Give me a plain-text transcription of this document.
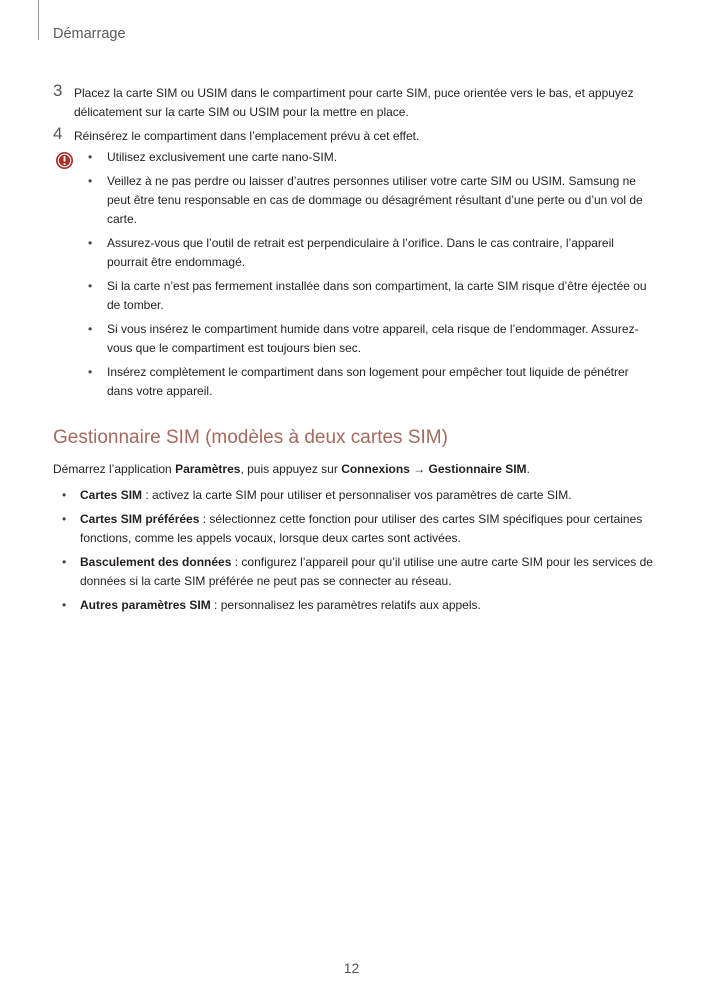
Démarrage
3 Placez la carte SIM ou USIM dans le compartiment pour carte SIM, puce orientée vers le bas, et appuyez délicatement sur la carte SIM ou USIM pour la mettre en place.
4 Réinsérez le compartiment dans l’emplacement prévu à cet effet.
• Utilisez exclusivement une carte nano-SIM.
• Veillez à ne pas perdre ou laisser d’autres personnes utiliser votre carte SIM ou USIM. Samsung ne peut être tenu responsable en cas de dommage ou désagrément résultant d’une perte ou d’un vol de carte.
• Assurez-vous que l’outil de retrait est perpendiculaire à l’orifice. Dans le cas contraire, l’appareil pourrait être endommagé.
• Si la carte n’est pas fermement installée dans son compartiment, la carte SIM risque d’être éjectée ou de tomber.
• Si vous insérez le compartiment humide dans votre appareil, cela risque de l’endommager. Assurez-vous que le compartiment est toujours bien sec.
• Insérez complètement le compartiment dans son logement pour empêcher tout liquide de pénétrer dans votre appareil.
Gestionnaire SIM (modèles à deux cartes SIM)
Démarrez l’application Paramètres, puis appuyez sur Connexions → Gestionnaire SIM.
• Cartes SIM : activez la carte SIM pour utiliser et personnaliser vos paramètres de carte SIM.
• Cartes SIM préférées : sélectionnez cette fonction pour utiliser des cartes SIM spécifiques pour certaines fonctions, comme les appels vocaux, lorsque deux cartes sont activées.
• Basculement des données : configurez l’appareil pour qu’il utilise une autre carte SIM pour les services de données si la carte SIM préférée ne peut pas se connecter au réseau.
• Autres paramètres SIM : personnalisez les paramètres relatifs aux appels.
12
